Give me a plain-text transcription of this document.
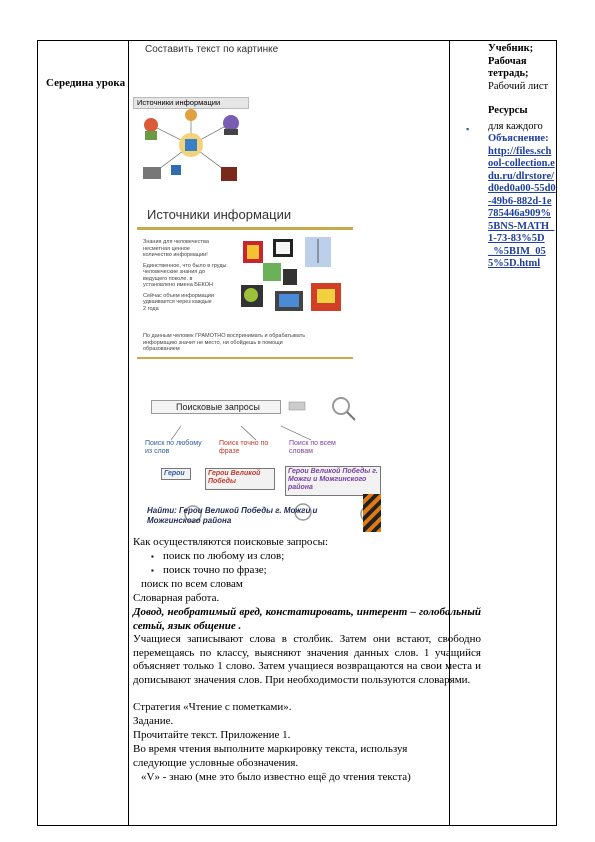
Середина урока
Составить текст по картинке
Источники информации
Источники информации
Знания для человечества
несметная ценное
количество информации!
Единственное, что было в груды
человеческие знания до
ведущего поколе. в
установлено имена БЕКОН
Сейчас объем информации
удваивается через каждые
2 года
По данным человек ГРАМОТНО воспринимать и обрабатывать
информацию значит не место, ни обойдешь в помощи
образованием
Поисковые запросы
Поиск по любому из слов
Поиск точно по фразе
Поиск по всем словам
Герои	Герои Великой Победы
Герои Великой Победы г. Можги и Можгинского района
Найти: Герои Великой Победы г. Можги и Можгинского района
Как осуществляются поисковые запросы:
▪ поиск по любому из слов;
▪ поиск точно по фразе;
поиск по всем словам
Словарная работа.
Довод, необратимый вред, констатировать, интерент – голобальный сетьй, язык общение .
Учащиеся записывают слова в столбик. Затем они встают, свободно перемещаясь по классу, выясняют значения данных слов. 1 учащийся объясняет только 1 слово. Затем учащиеся возвращаются на свои места и дописывают значения слов. При необходимости пользуются словарями.
Стратегия «Чтение с пометками».
Задание.
Прочитайте текст. Приложение 1.
Во время чтения выполните маркировку текста, используя следующие условные обозначения.
«V» - знаю (мне это было известно ещё до чтения текста)
Учебник;
Рабочая тетрадь;
Рабочий лист
Ресурсы
▪ для каждого
Объяснение:
http://files.school-collection.edu.ru/dlrstore/d0ed0a00-55d0-49b6-882d-1e785446a909%5BNS-MATH_1-73-83%5D_%5BIM_055%5D.html
